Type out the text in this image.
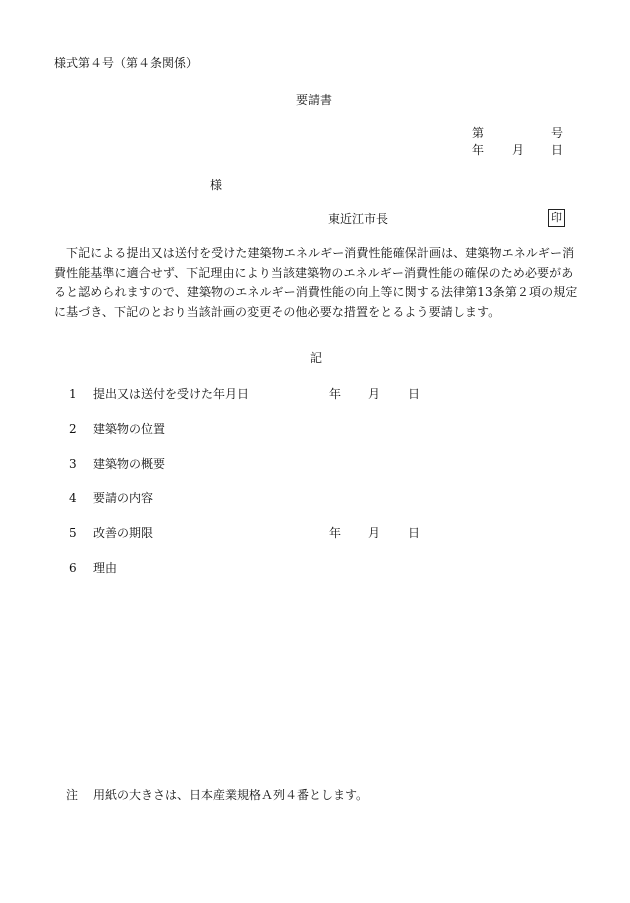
様式第４号（第４条関係）
要請書
第	号
年 月 日
様
東近江市長	印
下記による提出又は送付を受けた建築物エネルギー消費性能確保計画は、建築物エネルギー消費性能基準に適合せず、下記理由により当該建築物のエネルギー消費性能の確保のため必要があると認められますので、建築物のエネルギー消費性能の向上等に関する法律第13条第２項の規定に基づき、下記のとおり当該計画の変更その他必要な措置をとるよう要請します。
記
1 提出又は送付を受けた年月日	年 月 日
2 建築物の位置
3 建築物の概要
4 要請の内容
5 改善の期限	年 月 日
6 理由
注 用紙の大きさは、日本産業規格Ａ列４番とします。
